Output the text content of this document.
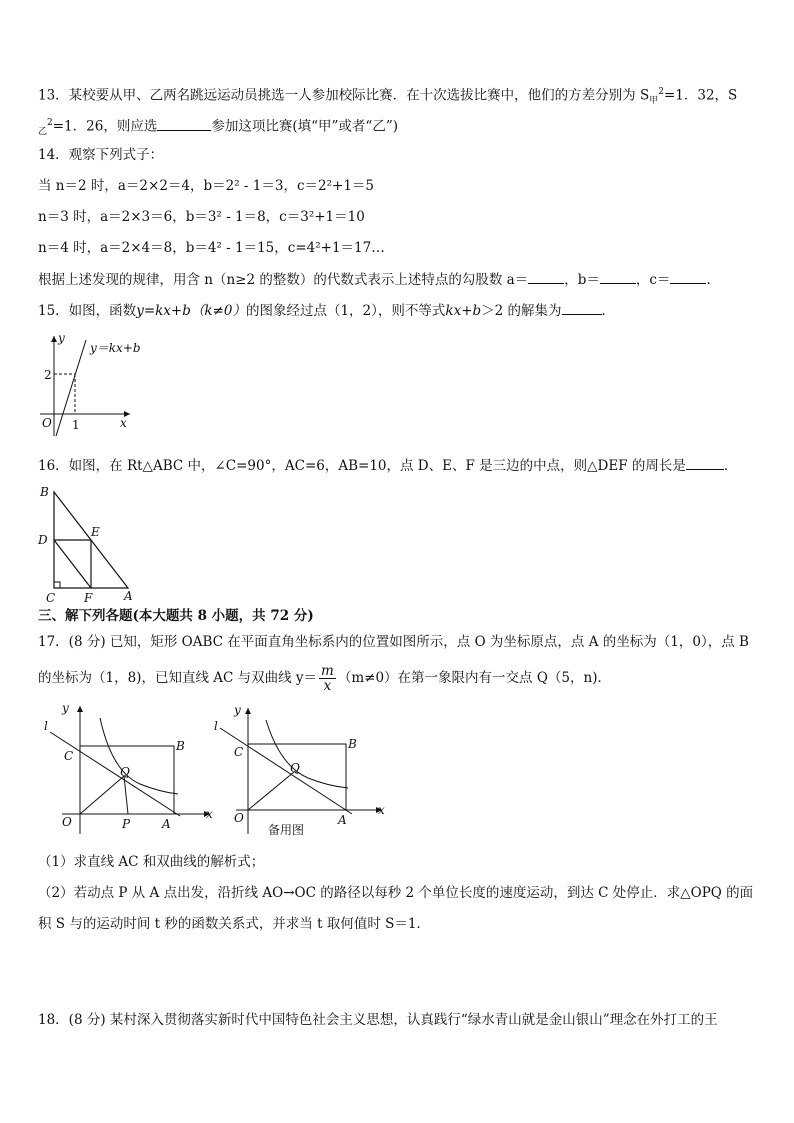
13．某校要从甲、乙两名跳远运动员挑选一人参加校际比赛．在十次选拔比赛中，他们的方差分别为 $S_甲^2=1$．32，S
$_乙^2$=1．26，则应选	参加这项比赛(填“甲”或者“乙”)
14．观察下列式子：
当 n＝2 时，a＝2×2＝4，b＝2² - 1＝3，c＝2²+1＝5
n＝3 时，a＝2×3＝6，b＝3² - 1＝8，c＝3²+1＝10
n＝4 时，a＝2×4＝8，b＝4² - 1＝15，c=4²+1＝17…
根据上述发现的规律，用含 n（n≥2 的整数）的代数式表示上述特点的勾股数 a＝	，b＝	，c＝	．
15．如图，函数y=kx+b（k≠0）的图象经过点（1，2），则不等式kx+b＞2 的解集为	．
y
x
O 1
2
y＝kx+b
16．如图，在 Rt△ABC 中，∠C=90°，AC=6，AB=10，点 D、E、F 是三边的中点，则△DEF 的周长是	．
B
D
E
C F	A
三、解下列各题(本大题共 8 小题，共 72 分)
17．(8 分) 已知，矩形 OABC 在平面直角坐标系内的位置如图所示，点 O 为坐标原点，点 A 的坐标为（1，0），点 B
的坐标为（1，8)，已知直线 AC 与双曲线 $y= \frac{m}{x} (m\ne 0)$在第一象限内有一交点 Q（5，n)．
l
y
x
C
B
Q
O	P	A
l
y
x
C
B
Q
O	A
备用图
（1）求直线 AC 和双曲线的解析式；
（2）若动点 P 从 A 点出发，沿折线 AO→OC 的路径以每秒 2 个单位长度的速度运动，到达 C 处停止．求△OPQ 的面
积 S 与的运动时间 t 秒的函数关系式，并求当 t 取何值时 S＝1．
18．(8 分) 某村深入贯彻落实新时代中国特色社会主义思想，认真践行“绿水青山就是金山银山”理念在外打工的王
